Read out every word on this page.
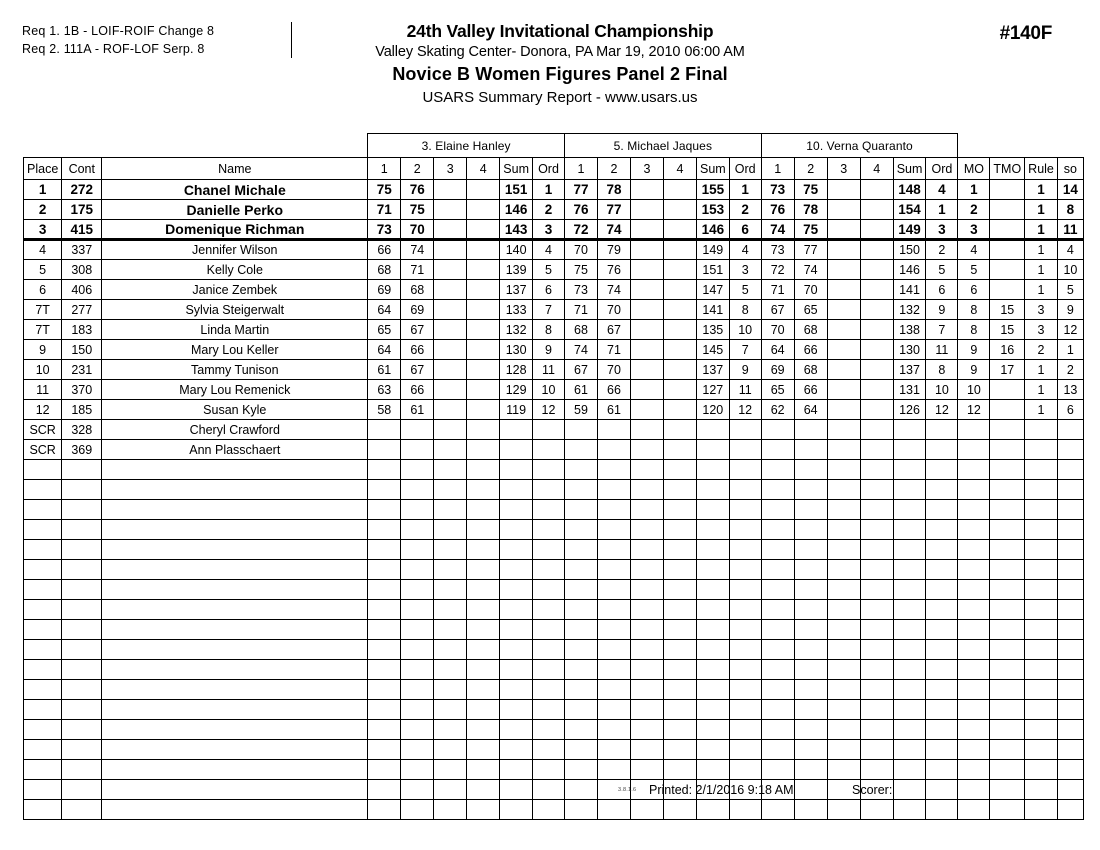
Req 1. 1B - LOIF-ROIF Change 8
Req 2. 111A - ROF-LOF Serp. 8
24th Valley Invitational Championship
Valley Skating Center- Donora, PA Mar 19, 2010 06:00 AM
Novice B Women Figures Panel 2 Final
USARS Summary Report - www.usars.us
#140F
			3. Elaine Hanley						5. Michael Jaques						10. Verna Quaranto									
Place	Cont	Name	1	2	3	4	Sum	Ord	1	2	3	4	Sum	Ord	1	2	3	4	Sum	Ord	MO	TMO	Rule	so
1	272	Chanel Michale	75	76			151	1	77	78			155	1	73	75			148	4	1		1	14
2	175	Danielle Perko	71	75			146	2	76	77			153	2	76	78			154	1	2		1	8
3	415	Domenique Richman	73	70			143	3	72	74			146	6	74	75			149	3	3		1	11
4	337	Jennifer Wilson	66	74			140	4	70	79			149	4	73	77			150	2	4		1	4
5	308	Kelly Cole	68	71			139	5	75	76			151	3	72	74			146	5	5		1	10
6	406	Janice Zembek	69	68			137	6	73	74			147	5	71	70			141	6	6		1	5
7T	277	Sylvia Steigerwalt	64	69			133	7	71	70			141	8	67	65			132	9	8	15	3	9
7T	183	Linda Martin	65	67			132	8	68	67			135	10	70	68			138	7	8	15	3	12
9	150	Mary Lou Keller	64	66			130	9	74	71			145	7	64	66			130	11	9	16	2	1
10	231	Tammy Tunison	61	67			128	11	67	70			137	9	69	68			137	8	9	17	1	2
11	370	Mary Lou Remenick	63	66			129	10	61	66			127	11	65	66			131	10	10		1	13
12	185	Susan Kyle	58	61			119	12	59	61			120	12	62	64			126	12	12		1	6
SCR	328	Cheryl Crawford																						
SCR	369	Ann Plasschaert																						

3.8.1.6 Printed: 2/1/2016 9:18 AM	Scorer:
